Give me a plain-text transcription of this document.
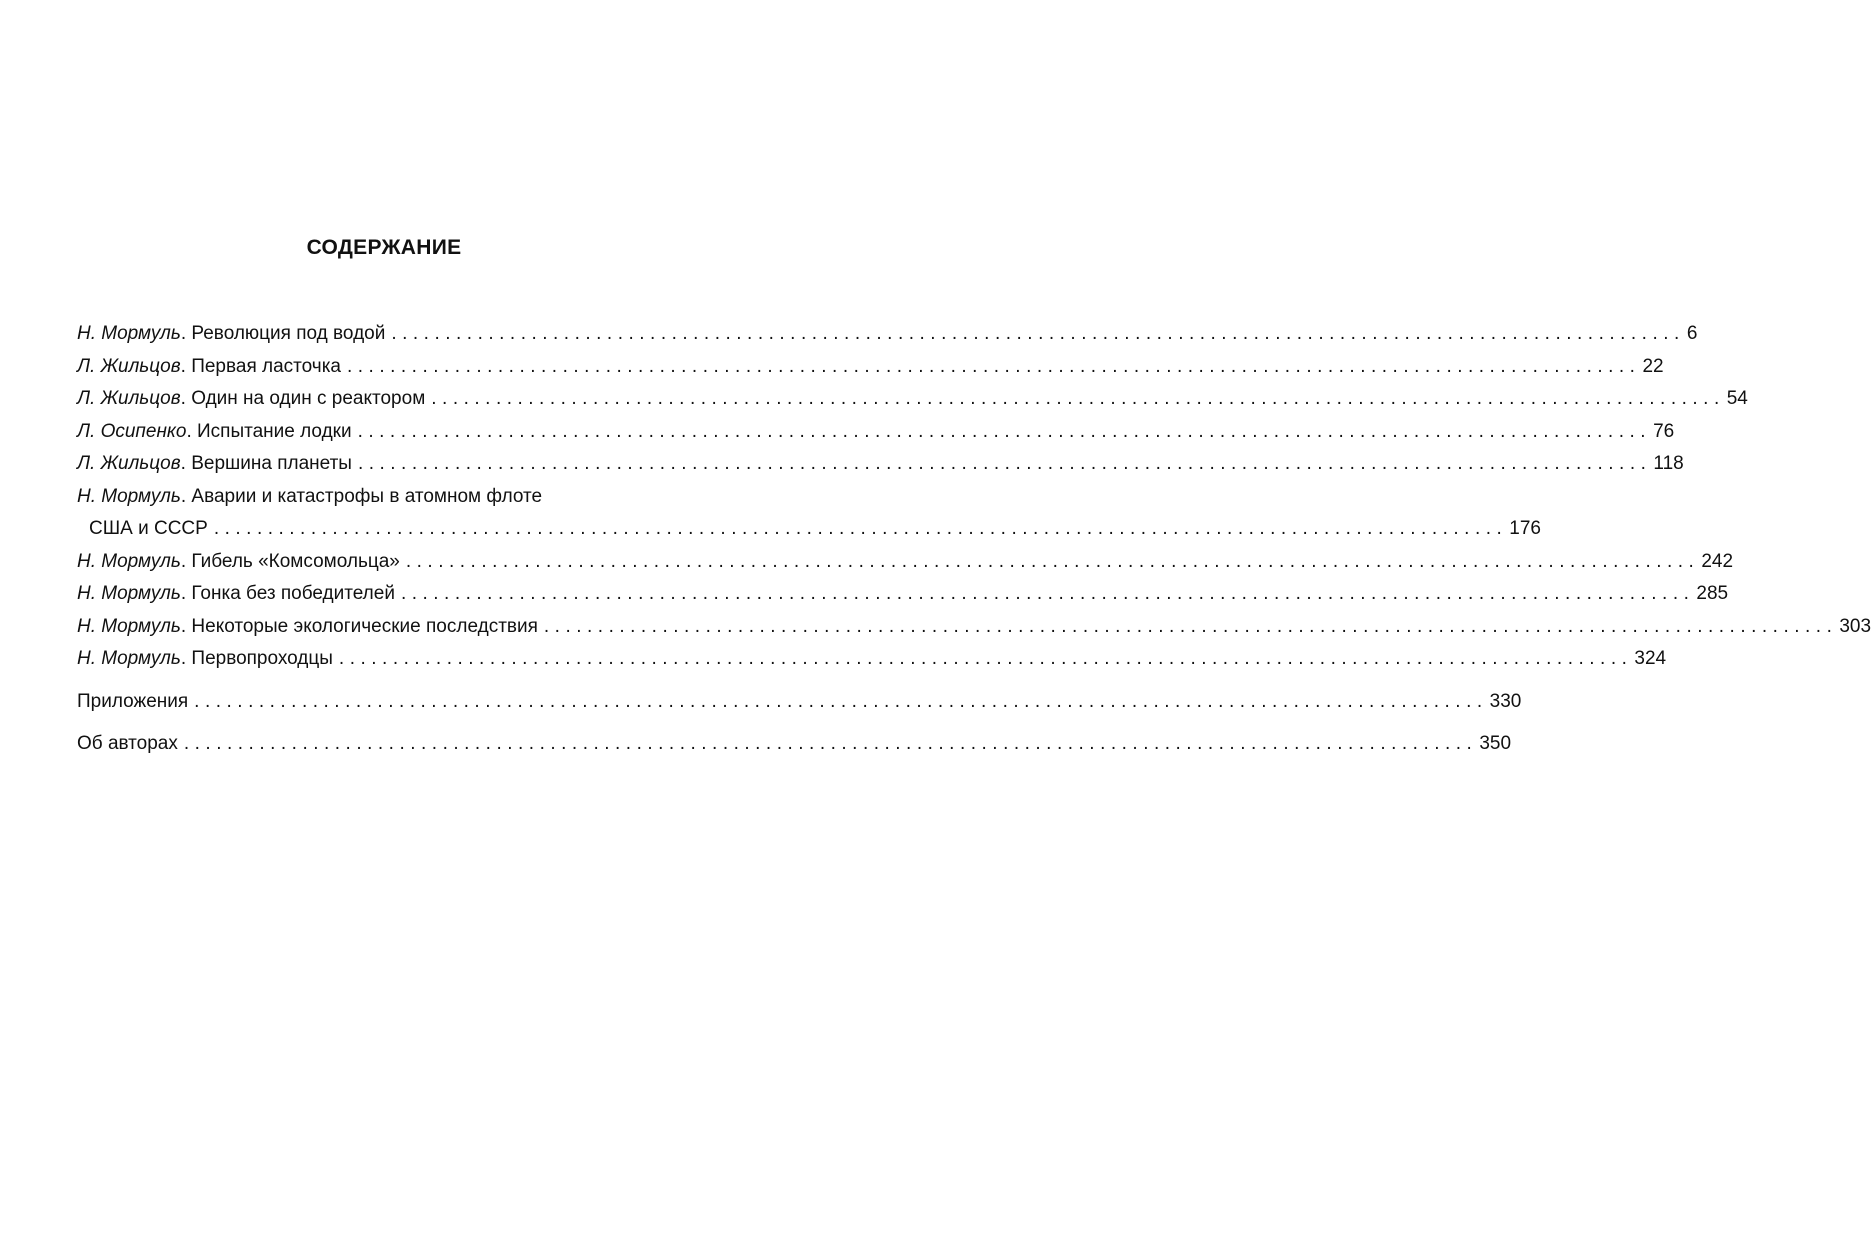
СОДЕРЖАНИЕ
Н. Мормуль. Революция под водой ........................................................................................................................ 6
Л. Жильцов. Первая ласточка ........................................................................................................................ 22
Л. Жильцов. Один на один с реактором ........................................................................................................................ 54
Л. Осипенко. Испытание лодки ........................................................................................................................ 76
Л. Жильцов. Вершина планеты ........................................................................................................................ 118
Н. Мормуль. Аварии и катастрофы в атомном флоте
США и СССР ........................................................................................................................ 176
Н. Мормуль. Гибель «Комсомольца» ........................................................................................................................ 242
Н. Мормуль. Гонка без победителей ........................................................................................................................ 285
Н. Мормуль. Некоторые экологические последствия ........................................................................................................................ 303
Н. Мормуль. Первопроходцы ........................................................................................................................ 324
Приложения ........................................................................................................................ 330
Об авторах ........................................................................................................................ 350
